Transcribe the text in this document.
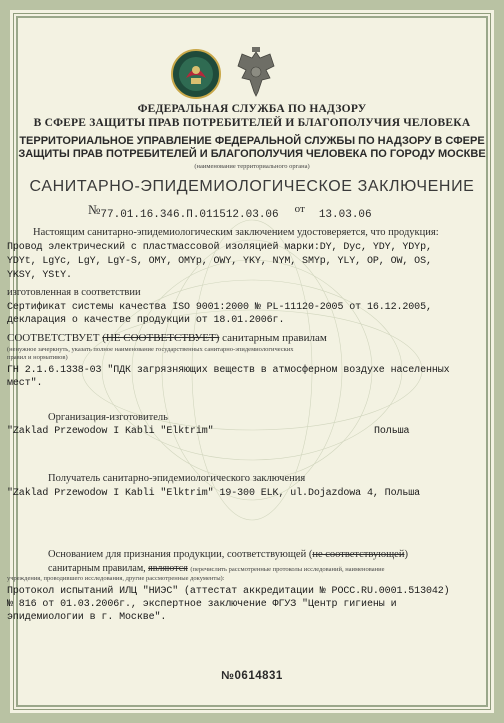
ФЕДЕРАЛЬНАЯ СЛУЖБА ПО НАДЗОРУ
В СФЕРЕ ЗАЩИТЫ ПРАВ ПОТРЕБИТЕЛЕЙ И БЛАГОПОЛУЧИЯ ЧЕЛОВЕКА
ТЕРРИТОРИАЛЬНОЕ УПРАВЛЕНИЕ ФЕДЕРАЛЬНОЙ СЛУЖБЫ ПО НАДЗОРУ В СФЕРЕ
ЗАЩИТЫ ПРАВ ПОТРЕБИТЕЛЕЙ И БЛАГОПОЛУЧИЯ ЧЕЛОВЕКА ПО ГОРОДУ МОСКВЕ
(наименование территориального органа)
САНИТАРНО-ЭПИДЕМИОЛОГИЧЕСКОЕ ЗАКЛЮЧЕНИЕ
№77.01.16.346.П.011512.03.06 от 13.03.06
Настоящим санитарно-эпидемиологическим заключением удостоверяется, что продукция:
Провод электрический с пластмассовой изоляцией марки:DY, Dyc, YDY, YDYp,
YDYt, LgYc, LgY, LgY-S, OMY, OMYp, OWY, YKY, NYM, SMYp, YLY, OP, OW, OS,
YKSY, YStY.
изготовленная в соответствии
Сертификат системы качества ISO 9001:2000 № PL-11120-2005 от 16.12.2005,
декларация о качестве продукции от 18.01.2006г.
СООТВЕТСТВУЕТ (НЕ СООТВЕТСТВУЕТ) санитарным правилам
(ненужное зачеркнуть, указать полное наименование государственных санитарно-эпидемиологических
правил и нормативов)
ГН 2.1.6.1338-03 "ПДК загрязняющих веществ в атмосферном воздухе населенных
мест".
Организация-изготовитель
"Zaklad Przewodow I Kabli "Elktrim"	Польша
Получатель санитарно-эпидемиологического заключения
"Zaklad Przewodow I Kabli "Elktrim" 19-300 ELK, ul.Dojazdowa 4, Польша
Основанием для признания продукции, соответствующей (не соответствующей)
санитарным правилам, являются (перечислить рассмотренные протоколы исследований, наименование
учреждения, проводившего исследования, другие рассмотренные документы):
Протокол испытаний ИЛЦ "НИЭС" (аттестат аккредитации № РОСС.RU.0001.513042)
№ 816 от 01.03.2006г., экспертное заключение ФГУЗ "Центр гигиены и
эпидемиологии в г. Москве".
№0614831
